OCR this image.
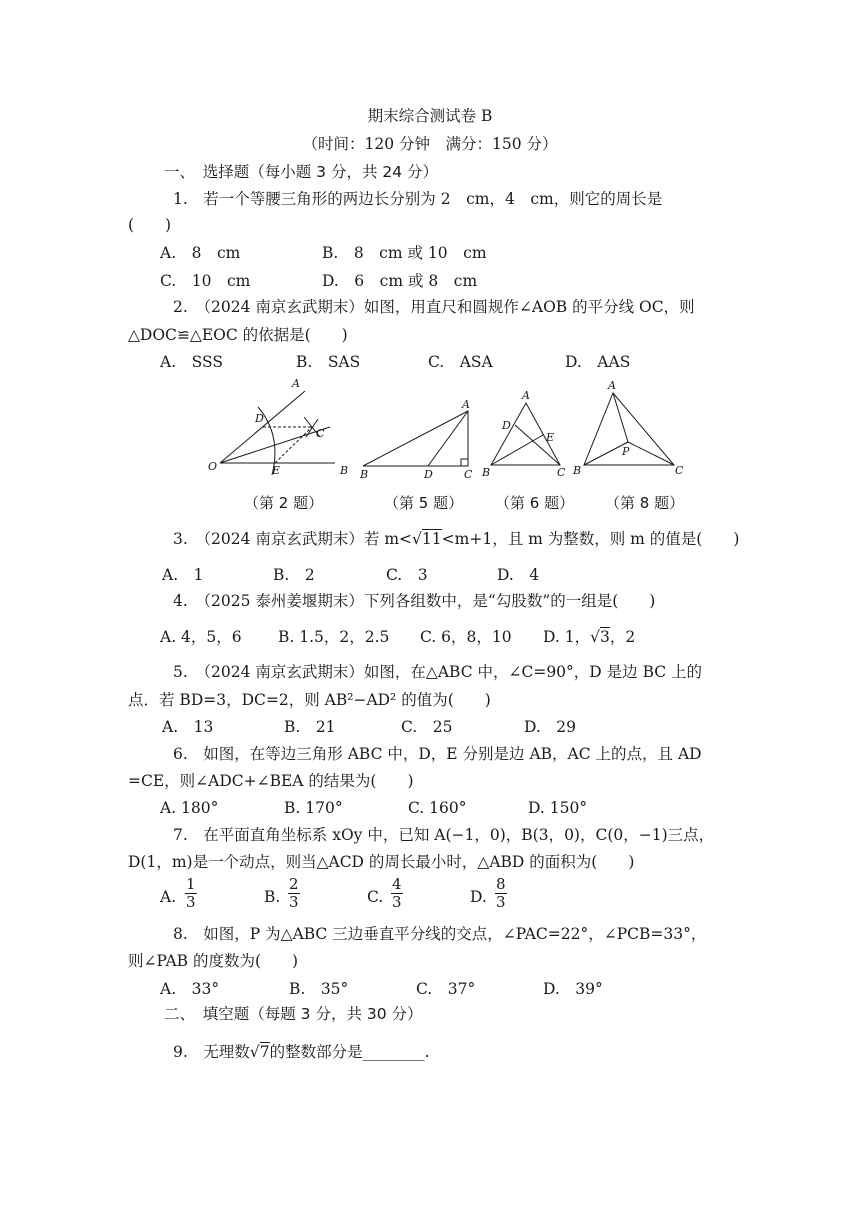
期末综合测试卷 B
（时间：120 分钟　满分：150 分）
一、　选择题（每小题 3 分，共 24 分）
1.　若一个等腰三角形的两边长分别为 2　cm，4　cm，则它的周长是
(　　)
A.　8　cm	B.　8　cm 或 10　cm
C.　10　cm	D.　6　cm 或 8　cm
2.　（2024 南京玄武期末）如图，用直尺和圆规作∠AOB 的平分线 OC，则
△DOC≌△EOC 的依据是(　　)
A.　SSS	B.　SAS	C.　ASA	D.　AAS
A
D
C
O	E	B
A
B	D	C
A
D
E
B	C
A
P
B	C
（第 2 题）	（第 5 题） （第 6 题） （第 8 题）
3.　（2024 南京玄武期末）若 m<√11<m+1，且 m 为整数，则 m 的值是(　　)
A.　1	B.　2	C.　3	D.　4
4.　（2025 泰州姜堰期末）下列各组数中，是“勾股数”的一组是(　　)
A. 4，5，6 B. 1.5，2，2.5 C. 6，8，10 D. 1，√3，2
5.　（2024 南京玄武期末）如图，在△ABC 中，∠C=90°，D 是边 BC 上的
点．若 BD=3，DC=2，则 AB²−AD² 的值为(　　)
A.　13	B.　21	C.　25	D.　29
6.　如图，在等边三角形 ABC 中，D，E 分别是边 AB，AC 上的点，且 AD
=CE，则∠ADC+∠BEA 的结果为(　　)
A. 180°	B. 170°	C. 160°	D. 150°
7.　在平面直角坐标系 xOy 中，已知 A(−1，0)，B(3，0)，C(0，−1)三点，
D(1，m)是一个动点，则当△ACD 的周长最小时，△ABD 的面积为(　　)
A. $\frac{1}{3}$	B. $\frac{2}{3}$	C. $\frac{4}{3}$	D. $\frac{8}{3}$
8.　如图，P 为△ABC 三边垂直平分线的交点，∠PAC=22°，∠PCB=33°，
则∠PAB 的度数为(　　)
A.　33°	B.　35°	C.　37°	D.　39°
二、　填空题（每题 3 分，共 30 分）
9.　无理数√7的整数部分是________.
